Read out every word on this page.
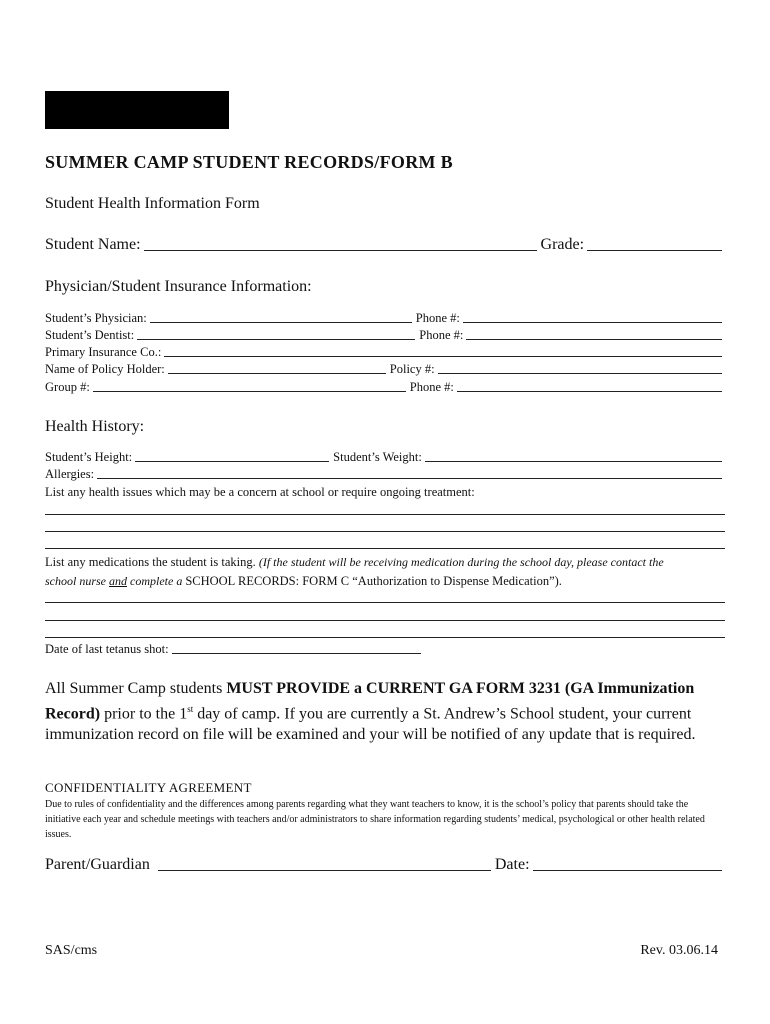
SUMMER CAMP STUDENT RECORDS/FORM B
Student Health Information Form
Student Name:	Grade:
Physician/Student Insurance Information:
Student’s Physician:	Phone #:
Student’s Dentist:	Phone #:
Primary Insurance Co.:
Name of Policy Holder:	Policy #:
Group #:	Phone #:
Health History:
Student’s Height:	Student’s Weight:
Allergies:
List any health issues which may be a concern at school or require ongoing treatment:
List any medications the student is taking. (If the student will be receiving medication during the school day, please contact the
school nurse and complete a SCHOOL RECORDS: FORM C “Authorization to Dispense Medication”).
Date of last tetanus shot:
All Summer Camp students MUST PROVIDE a CURRENT GA FORM 3231 (GA Immunization Record) prior to the 1st day of camp. If you are currently a St. Andrew’s School student, your current immunization record on file will be examined and your will be notified of any update that is required.
CONFIDENTIALITY AGREEMENT
Due to rules of confidentiality and the differences among parents regarding what they want teachers to know, it is the school’s policy that parents should take the initiative each year and schedule meetings with teachers and/or administrators to share information regarding students’ medical, psychological or other health related issues.
Parent/Guardian	Date:
SAS/cms	Rev. 03.06.14
